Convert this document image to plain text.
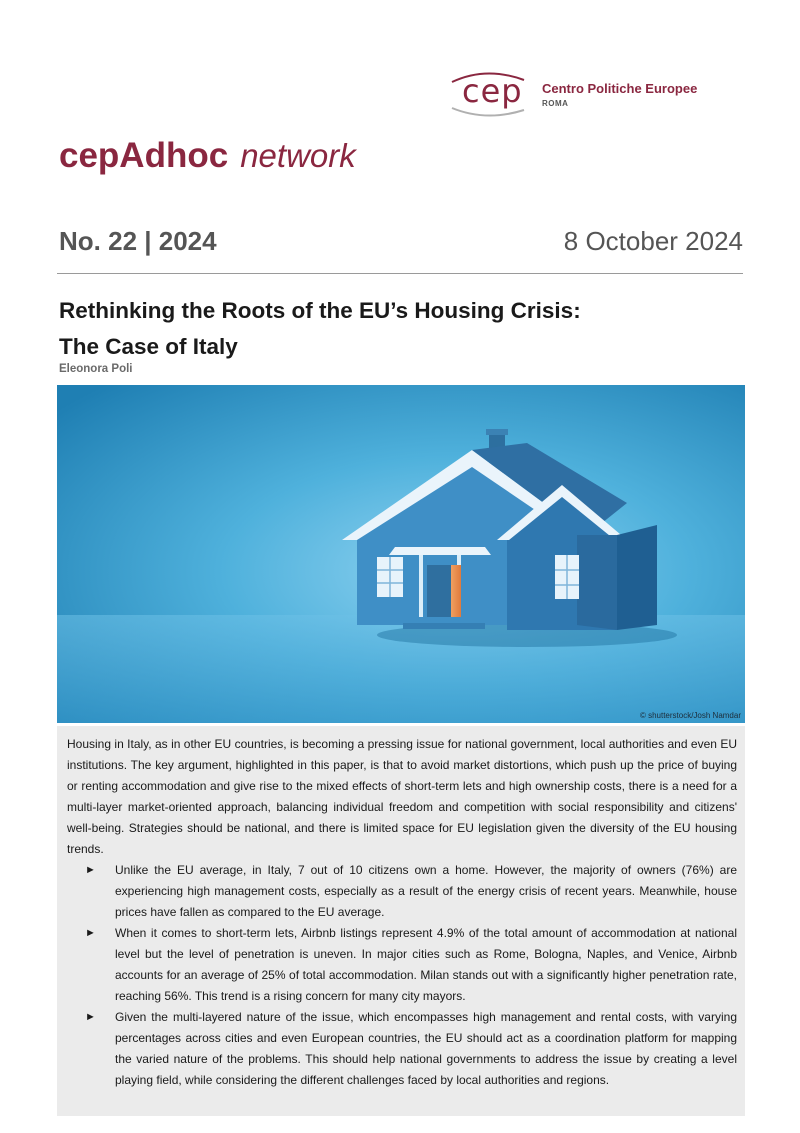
cep Centro Politiche Europee
ROMA
cepAdhoc network
No. 22 | 2024	8 October 2024
Rethinking the Roots of the EU’s Housing Crisis:
The Case of Italy
Eleonora Poli
© shutterstock/Josh Namdar

Housing in Italy, as in other EU countries, is becoming a pressing issue for national government, local authorities and even EU institutions. The key argument, highlighted in this paper, is that to avoid market distortions, which push up the price of buying or renting accommodation and give rise to the mixed effects of short-term lets and high ownership costs, there is a need for a multi-layer market-oriented approach, balancing individual freedom and competition with social responsibility and citizens' well-being. Strategies should be national, and there is limited space for EU legislation given the diversity of the EU housing trends.

► Unlike the EU average, in Italy, 7 out of 10 citizens own a home. However, the majority of owners (76%) are experiencing high management costs, especially as a result of the energy crisis of recent years. Meanwhile, house prices have fallen as compared to the EU average.
► When it comes to short-term lets, Airbnb listings represent 4.9% of the total amount of accommodation at national level but the level of penetration is uneven. In major cities such as Rome, Bologna, Naples, and Venice, Airbnb accounts for an average of 25% of total accommodation. Milan stands out with a significantly higher penetration rate, reaching 56%. This trend is a rising concern for many city mayors.
► Given the multi-layered nature of the issue, which encompasses high management and rental costs, with varying percentages across cities and even European countries, the EU should act as a coordination platform for mapping the varied nature of the problems. This should help national governments to address the issue by creating a level playing field, while considering the different challenges faced by local authorities and regions.
